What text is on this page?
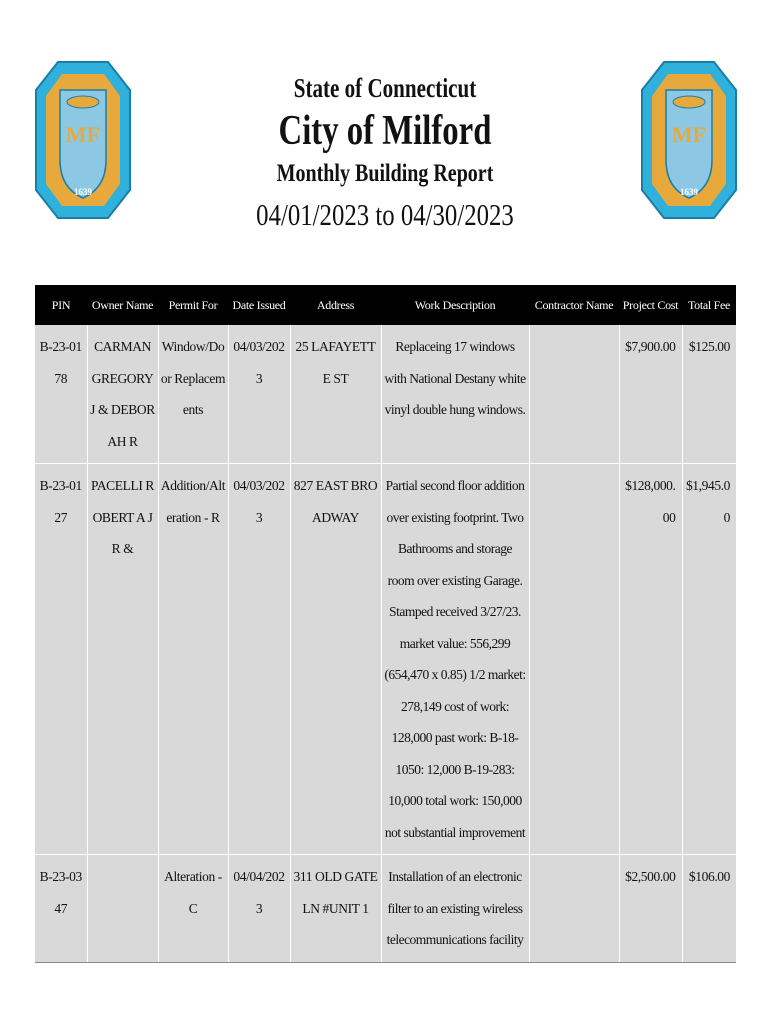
MF
1639
MF
1639

State of Connecticut

City of Milford

Monthly Building Report

04/01/2023 to 04/30/2023

PIN	Owner Name	Permit For	Date Issued	Address	Work Description	Contractor Name	Project Cost	Total Fee
B-23-0178	CARMAN GREGORY J & DEBORAH R	Window/Door Replacements	04/03/2023	25 LAFAYETTE ST	Replaceing 17 windows with National Destany white vinyl double hung windows.		$7,900.00	$125.00
B-23-0127	PACELLI ROBERT A JR &	Addition/Alteration - R	04/03/2023	827 EAST BROADWAY	Partial second floor addition over existing footprint. Two Bathrooms and storage room over existing Garage. Stamped received 3/27/23. market value: 556,299 (654,470 x 0.85) 1/2 market: 278,149 cost of work: 128,000 past work: B-18-1050: 12,000 B-19-283: 10,000 total work: 150,000 not substantial improvement		$128,000.00	$1,945.00
B-23-0347		Alteration - C	04/04/2023	311 OLD GATE LN #UNIT 1	Installation of an electronic filter to an existing wireless telecommunications facility		$2,500.00	$106.00
